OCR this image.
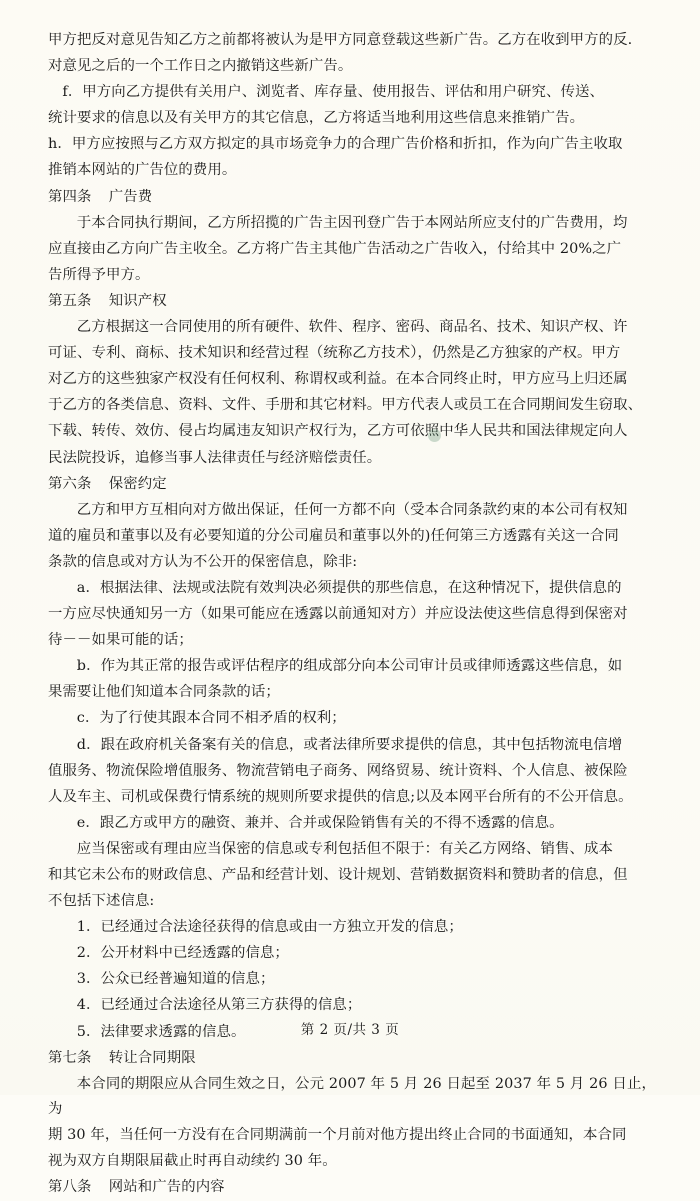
甲方把反对意见告知乙方之前都将被认为是甲方同意登载这些新广告。乙方在收到甲方的反.

对意见之后的一个工作日之内撤销这些新广告。

f．甲方向乙方提供有关用户、浏览者、库存量、使用报告、评估和用户研究、传送、

统计要求的信息以及有关甲方的其它信息，乙方将适当地利用这些信息来推销广告。

h．甲方应按照与乙方双方拟定的具市场竞争力的合理广告价格和折扣，作为向广告主收取

推销本网站的广告位的费用。

第四条 广告费

于本合同执行期间，乙方所招揽的广告主因刊登广告于本网站所应支付的广告费用，均

应直接由乙方向广告主收全。乙方将广告主其他广告活动之广告收入，付给其中 20%之广

告所得予甲方。

第五条 知识产权

乙方根据这一合同使用的所有硬件、软件、程序、密码、商品名、技术、知识产权、许

可证、专利、商标、技术知识和经营过程（统称乙方技术），仍然是乙方独家的产权。甲方

对乙方的这些独家产权没有任何权利、称谓权或利益。在本合同终止时，甲方应马上归还属

于乙方的各类信息、资料、文件、手册和其它材料。甲方代表人或员工在合同期间发生窃取、

下载、转传、效仿、侵占均属违友知识产权行为，乙方可依照中华人民共和国法律规定向人

民法院投诉，追修当事人法律责任与经济赔偿责任。

第六条 保密约定

乙方和甲方互相向对方做出保证，任何一方都不向（受本合同条款约束的本公司有权知

道的雇员和董事以及有必要知道的分公司雇员和董事以外的)任何第三方透露有关这一合同

条款的信息或对方认为不公开的保密信息，除非:

a．根据法律、法规或法院有效判决必须提供的那些信息，在这种情况下，提供信息的

一方应尽快通知另一方（如果可能应在透露以前通知对方）并应设法使这些信息得到保密对

待－－如果可能的话；

b．作为其正常的报告或评估程序的组成部分向本公司审计员或律师透露这些信息，如

果需要让他们知道本合同条款的话；

c．为了行使其跟本合同不相矛盾的权利；

d．跟在政府机关备案有关的信息，或者法律所要求提供的信息，其中包括物流电信增

值服务、物流保险增值服务、物流营销电子商务、网络贸易、统计资料、个人信息、被保险

人及车主、司机或保费行情系统的规则所要求提供的信息;以及本网平台所有的不公开信息。

e．跟乙方或甲方的融资、兼并、合并或保险销售有关的不得不透露的信息。

应当保密或有理由应当保密的信息或专利包括但不限于：有关乙方网络、销售、成本

和其它未公布的财政信息、产品和经营计划、设计规划、营销数据资料和赞助者的信息，但

不包括下述信息:

1．已经通过合法途径获得的信息或由一方独立开发的信息；

2．公开材料中已经透露的信息；

3．公众已经普遍知道的信息；

4．已经通过合法途径从第三方获得的信息；

5．法律要求透露的信息。

第七条 转让合同期限

本合同的期限应从合同生效之日，公元 2007 年 5 月 26 日起至 2037 年 5 月 26 日止，为

期 30 年，当任何一方没有在合同期满前一个月前对他方提出终止合同的书面通知，本合同

视为双方自期限届截止时再自动续约 30 年。

第八条 网站和广告的内容

第 2 页/共 3 页
